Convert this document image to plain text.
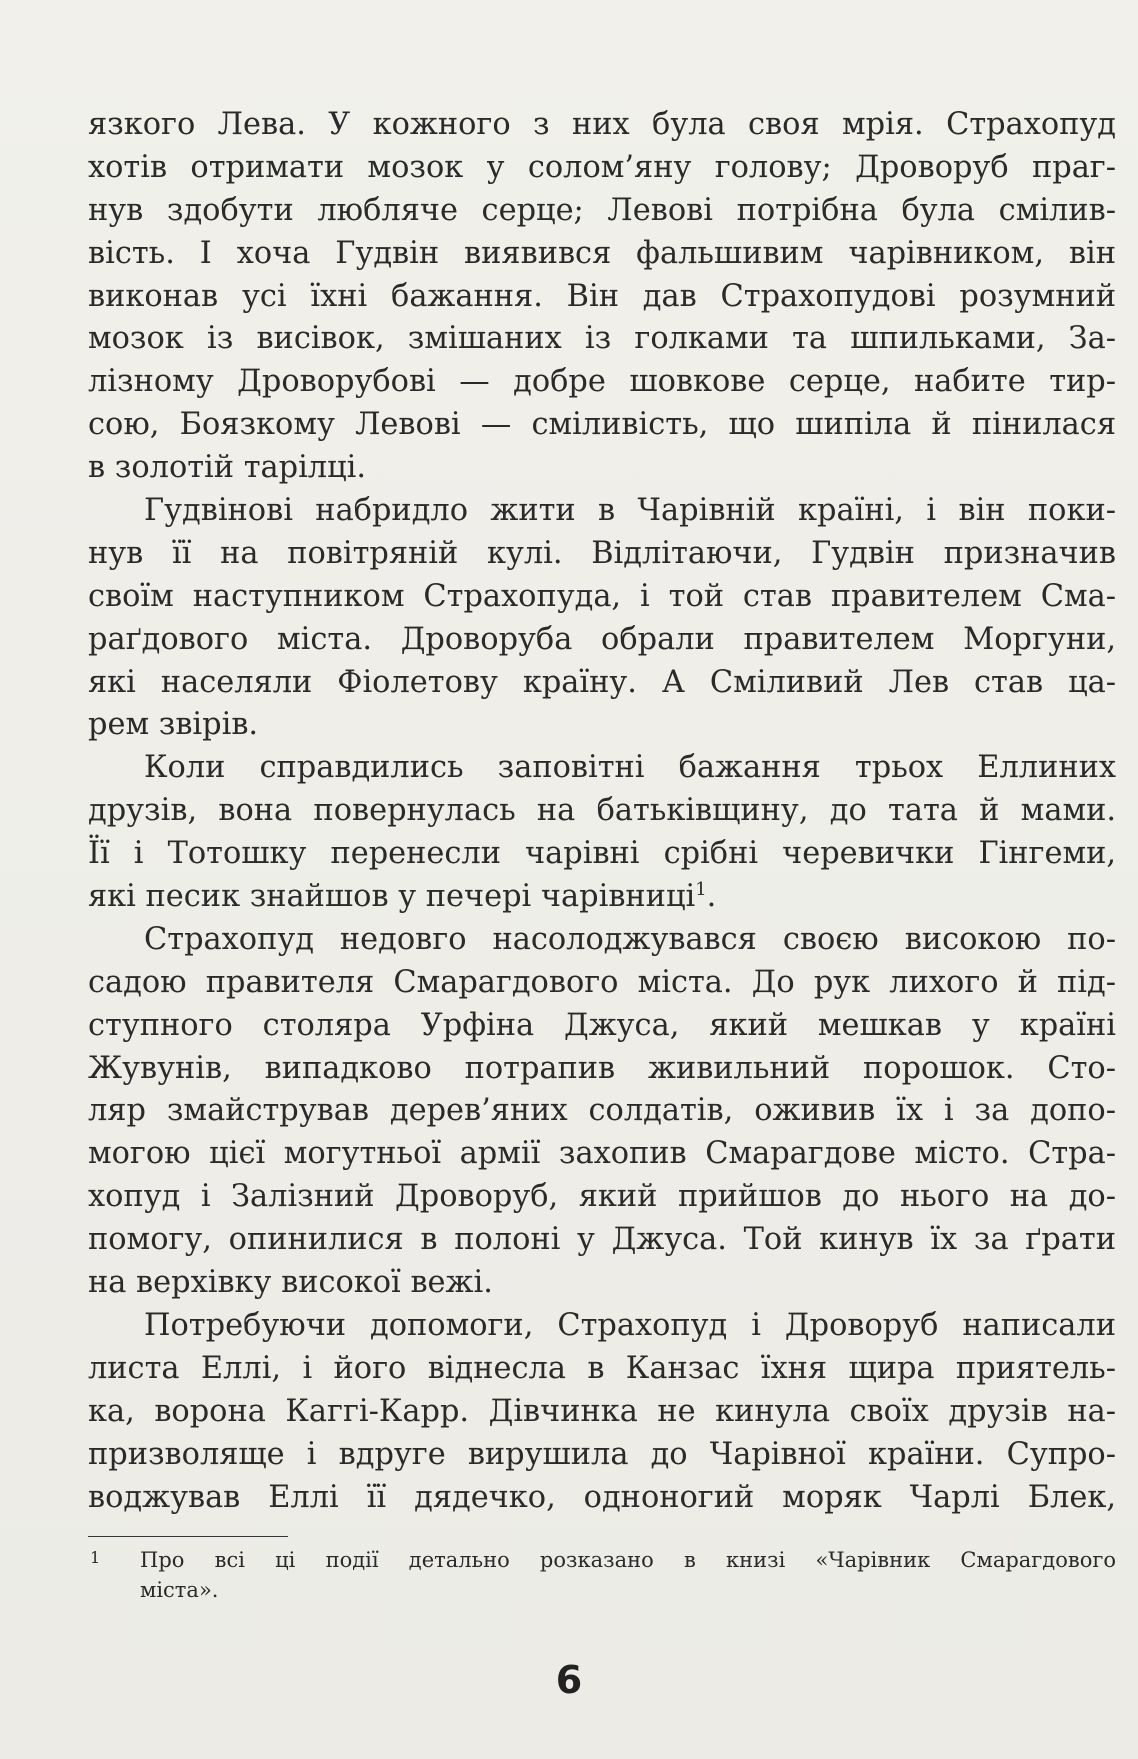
язкого Лева. У кожного з них була своя мрія. Страхопуд
хотів отримати мозок у солом’яну голову; Дроворуб праг-
нув здобути люблячe серце; Левові потрібна була смілив-
вість. І хоча Гудвін виявився фальшивим чарівником, він
виконав усі їхні бажання. Він дав Страхопудові розумний
мозок із висівок, змішаних із голками та шпильками, За-
лізному Дроворубові — добре шовкове серце, набите тир-
сою, Боязкому Левові — сміливість, що шипіла й пінилася
в золотій тарілці.
Гудвінові набридло жити в Чарівній країні, і він поки-
нув її на повітряній кулі. Відлітаючи, Гудвін призначив
своїм наступником Страхопуда, і той став правителем Сма-
раґдового міста. Дроворуба обрали правителем Моргуни,
які населяли Фіолетову країну. А Сміливий Лев став ца-
рем звірів.
Коли справдились заповітні бажання трьох Еллиних
друзів, вона повернулась на батьківщину, до тата й мами.
Її і Тотошку перенесли чарівні срібні черевички Гінгеми,
які песик знайшов у печері чарівниці$^1$.
Страхопуд недовго насолоджувався своєю високою по-
садою правителя Смарагдового міста. До рук лихого й під-
ступного столяра Урфіна Джуса, який мешкав у країні
Жувунів, випадково потрапив живильний порошок. Сто-
ляр змайстрував дерев’яних солдатів, оживив їх і за допо-
могою цієї могутньої армії захопив Смарагдове місто. Стра-
хопуд і Залізний Дроворуб, який прийшов до нього на до-
помогу, опинилися в полоні у Джуса. Той кинув їх за ґрати
на верхівку високої вежі.
Потребуючи допомоги, Страхопуд і Дроворуб написали
листа Еллі, і його віднесла в Канзас їхня щира приятель-
ка, ворона Каггі-Карр. Дівчинка не кинула своїх друзів на-
призволяще і вдруге вирушила до Чарівної країни. Супро-
воджував Еллі її дядечко, одноногий моряк Чарлі Блек,
1	Про всі ці події детально розказано в книзі «Чарівник Смарагдового
міста».
6
